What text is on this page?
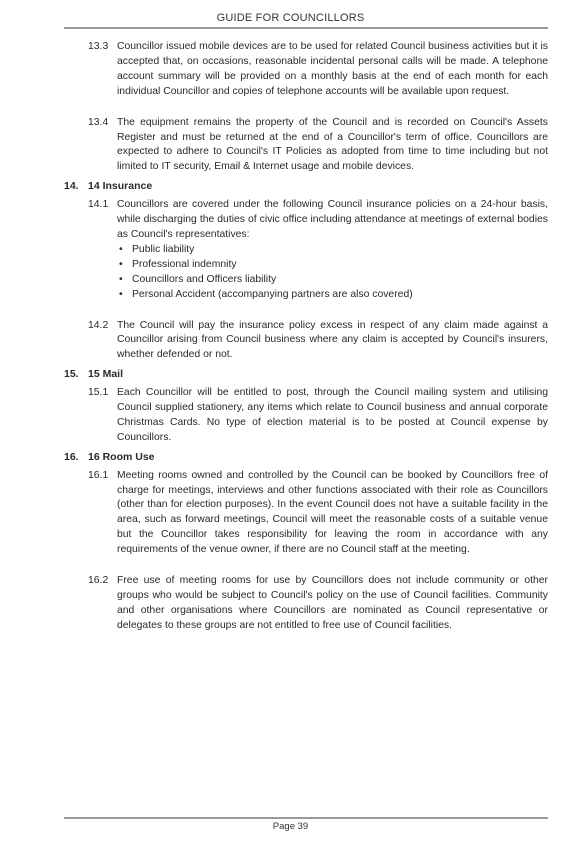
GUIDE FOR COUNCILLORS
13.3 Councillor issued mobile devices are to be used for related Council business activities but it is accepted that, on occasions, reasonable incidental personal calls will be made. A telephone account summary will be provided on a monthly basis at the end of each month for each individual Councillor and copies of telephone accounts will be available upon request.

13.4 The equipment remains the property of the Council and is recorded on Council's Assets Register and must be returned at the end of a Councillor's term of office. Councillors are expected to adhere to Council's IT Policies as adopted from time to time including but not limited to IT security, Email & Internet usage and mobile devices.

14. 14 Insurance
14.1 Councillors are covered under the following Council insurance policies on a 24-hour basis, while discharging the duties of civic office including attendance at meetings of external bodies as Council's representatives:

• Public liability
• Professional indemnity
• Councillors and Officers liability
• Personal Accident (accompanying partners are also covered)
14.2 The Council will pay the insurance policy excess in respect of any claim made against a Councillor arising from Council business where any claim is accepted by Council's insurers, whether defended or not.

15. 15 Mail
15.1 Each Councillor will be entitled to post, through the Council mailing system and utilising Council supplied stationery, any items which relate to Council business and annual corporate Christmas Cards. No type of election material is to be posted at Council expense by Councillors.

16. 16 Room Use
16.1 Meeting rooms owned and controlled by the Council can be booked by Councillors free of charge for meetings, interviews and other functions associated with their role as Councillors (other than for election purposes). In the event Council does not have a suitable facility in the area, such as forward meetings, Council will meet the reasonable costs of a suitable venue but the Councillor takes responsibility for leaving the room in accordance with any requirements of the venue owner, if there are no Council staff at the meeting.

16.2 Free use of meeting rooms for use by Councillors does not include community or other groups who would be subject to Council's policy on the use of Council facilities. Community and other organisations where Councillors are nominated as Council representative or delegates to these groups are not entitled to free use of Council facilities.

Page 39
